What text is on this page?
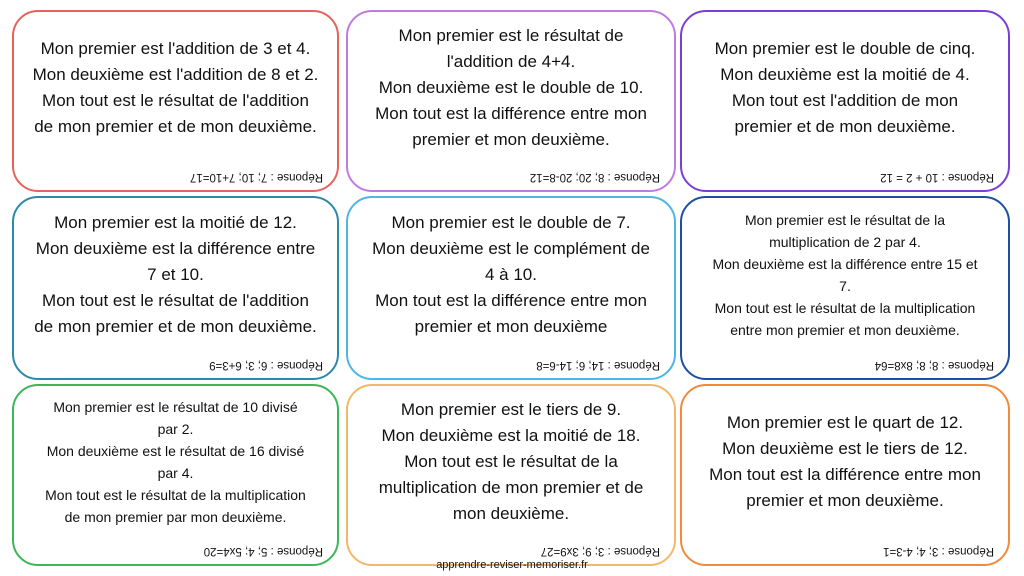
Mon premier est l'addition de 3 et 4.
Mon deuxième est l'addition de 8 et 2.
Mon tout est le résultat de l'addition
de mon premier et de mon deuxième.
Réponse : 7; 10; 7+10=17
Mon premier est le résultat de
l'addition de 4+4.
Mon deuxième est le double de 10.
Mon tout est la différence entre mon
premier et mon deuxième.
Réponse : 8; 20; 20-8=12
Mon premier est le double de cinq.
Mon deuxième est la moitié de 4.
Mon tout est l'addition de mon
premier et de mon deuxième.
Réponse : 10 + 2 = 12
Mon premier est la moitié de 12.
Mon deuxième est la différence entre
7 et 10.
Mon tout est le résultat de l'addition
de mon premier et de mon deuxième.
Réponse : 6; 3; 6+3=9
Mon premier est le double de 7.
Mon deuxième est le complément de
4 à 10.
Mon tout est la différence entre mon
premier et mon deuxième
Réponse : 14; 6; 14-6=8
Mon premier est le résultat de la
multiplication de 2 par 4.
Mon deuxième est la différence entre 15 et
7.
Mon tout est le résultat de la multiplication
entre mon premier et mon deuxième.
Réponse : 8; 8; 8x8=64
Mon premier est le résultat de 10 divisé
par 2.
Mon deuxième est le résultat de 16 divisé
par 4.
Mon tout est le résultat de la multiplication
de mon premier par mon deuxième.
Réponse : 5; 4; 5x4=20
Mon premier est le tiers de 9.
Mon deuxième est la moitié de 18.
Mon tout est le résultat de la
multiplication de mon premier et de
mon deuxième.
Réponse : 3; 9; 3x9=27
Mon premier est le quart de 12.
Mon deuxième est le tiers de 12.
Mon tout est la différence entre mon
premier et mon deuxième.
Réponse : 3; 4; 4-3=1
apprendre-reviser-memoriser.fr
